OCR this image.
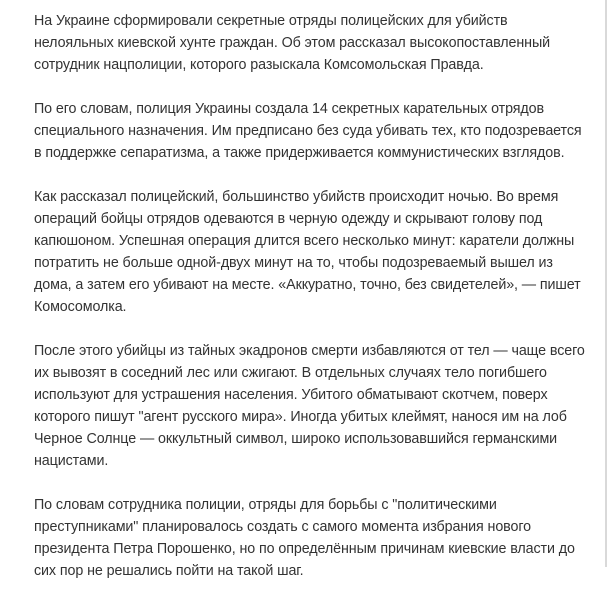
На Украине сформировали секретные отряды полицейских для убийств
нелояльных киевской хунте граждан. Об этом рассказал высокопоставленный
сотрудник нацполиции, которого разыскала Комсомольская Правда.

По его словам, полиция Украины создала 14 секретных карательных отрядов
специального назначения. Им предписано без суда убивать тех, кто подозревается
в поддержке сепаратизма, а также придерживается коммунистических взглядов.

Как рассказал полицейский, большинство убийств происходит ночью. Во время
операций бойцы отрядов одеваются в черную одежду и скрывают голову под
капюшоном. Успешная операция длится всего несколько минут: каратели должны
потратить не больше одной-двух минут на то, чтобы подозреваемый вышел из
дома, а затем его убивают на месте. «Аккуратно, точно, без свидетелей», — пишет
Комосомолка.

После этого убийцы из тайных экадронов смерти избавляются от тел — чаще всего
их вывозят в соседний лес или сжигают. В отдельных случаях тело погибшего
используют для устрашения населения. Убитого обматывают скотчем, поверх
которого пишут "агент русского мира». Иногда убитых клеймят, нанося им на лоб
Черное Солнце — оккультный символ, широко использовавшийся германскими
нацистами.

По словам сотрудника полиции, отряды для борьбы с "политическими
преступниками" планировалось создать с самого момента избрания нового
президента Петра Порошенко, но по определённым причинам киевские власти до
сих пор не решались пойти на такой шаг.
